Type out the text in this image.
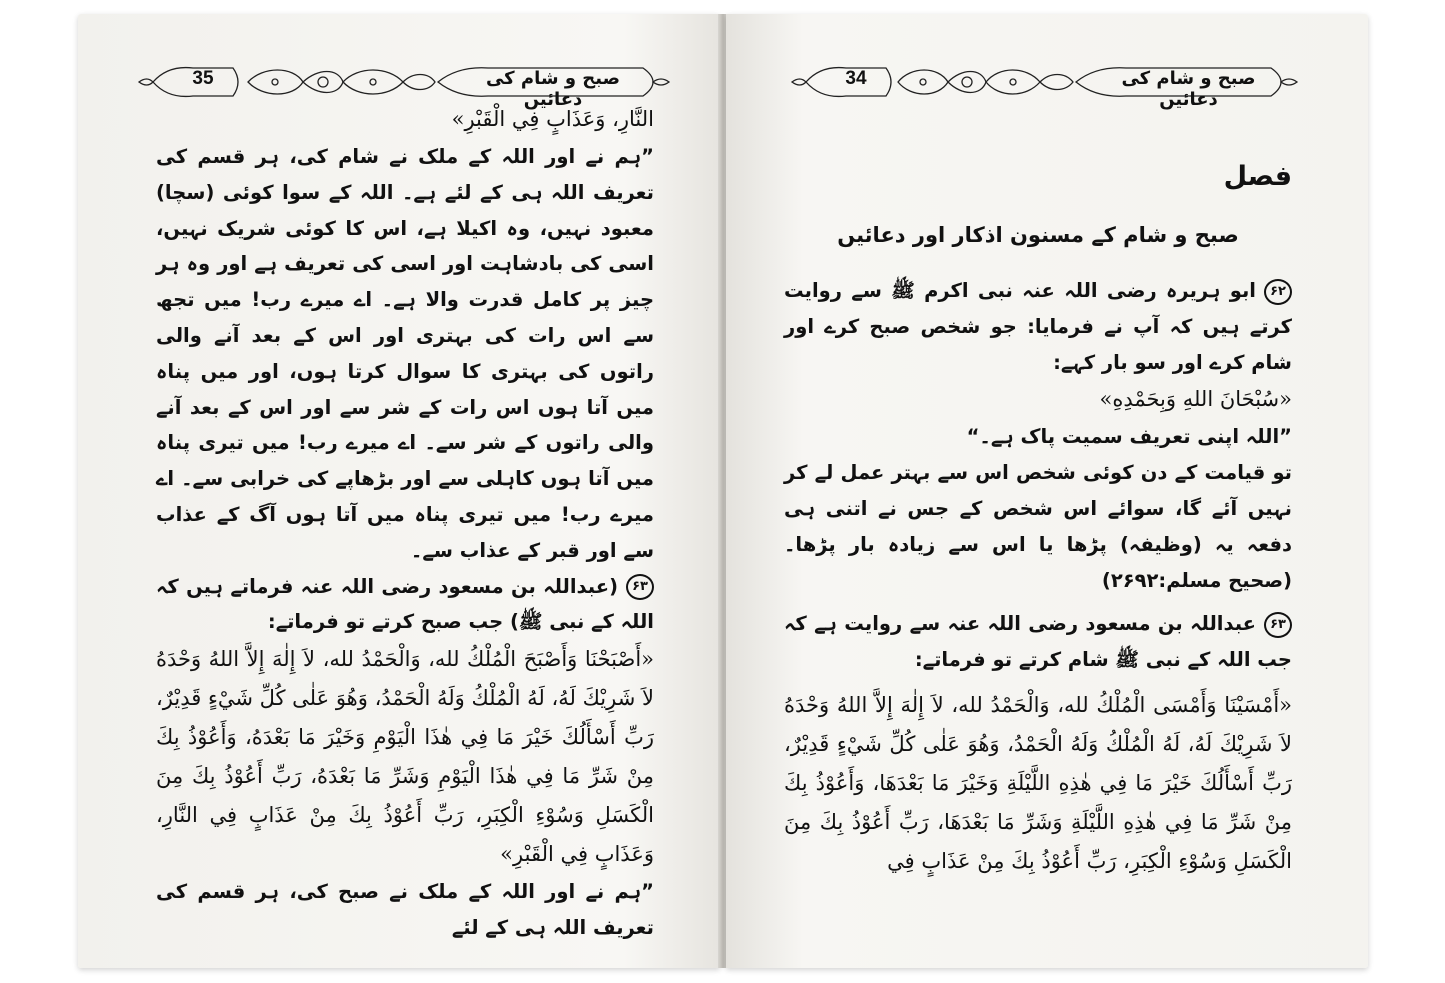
35	صبح و شام کی دعائیں

النَّارِ، وَعَذَابٍ فِي الْقَبْرِ»

”ہم نے اور اللہ کے ملک نے شام کی، ہر قسم کی تعریف اللہ ہی کے لئے ہے۔ اللہ کے سوا کوئی (سچا) معبود نہیں، وہ اکیلا ہے، اس کا کوئی شریک نہیں، اسی کی بادشاہت اور اسی کی تعریف ہے اور وہ ہر چیز پر کامل قدرت والا ہے۔ اے میرے رب! میں تجھ سے اس رات کی بہتری اور اس کے بعد آنے والی راتوں کی بہتری کا سوال کرتا ہوں، اور میں پناہ میں آتا ہوں اس رات کے شر سے اور اس کے بعد آنے والی راتوں کے شر سے۔ اے میرے رب! میں تیری پناہ میں آتا ہوں کاہلی سے اور بڑھاپے کی خرابی سے۔ اے میرے رب! میں تیری پناہ میں آتا ہوں آگ کے عذاب سے اور قبر کے عذاب سے۔

۶۳(عبداللہ بن مسعود رضی اللہ عنہ فرماتے ہیں کہ اللہ کے نبی ﷺ) جب صبح کرتے تو فرماتے:

«أَصْبَحْنَا وَأَصْبَحَ الْمُلْكُ لله، وَالْحَمْدُ لله، لاَ إِلٰهَ إِلاَّ اللهُ وَحْدَهُ لاَ شَرِيْكَ لَهُ، لَهُ الْمُلْكُ وَلَهُ الْحَمْدُ، وَهُوَ عَلٰى كُلِّ شَيْءٍ قَدِيْرٌ، رَبِّ أَسْأَلُكَ خَيْرَ مَا فِي هٰذَا الْيَوْمِ وَخَيْرَ مَا بَعْدَهُ، وَأَعُوْذُ بِكَ مِنْ شَرِّ مَا فِي هٰذَا الْيَوْمِ وَشَرِّ مَا بَعْدَهُ، رَبِّ أَعُوْذُ بِكَ مِنَ الْكَسَلِ وَسُوْءِ الْكِبَرِ، رَبِّ أَعُوْذُ بِكَ مِنْ عَذَابٍ فِي النَّارِ، وَعَذَابٍ فِي الْقَبْرِ»

”ہم نے اور اللہ کے ملک نے صبح کی، ہر قسم کی تعریف اللہ ہی کے لئے

34	صبح و شام کی دعائیں

فصل

صبح و شام کے مسنون اذکار اور دعائیں

۶۲ابو ہریرہ رضی اللہ عنہ نبی اکرم ﷺ سے روایت کرتے ہیں کہ آپ نے فرمایا: جو شخص صبح کرے اور شام کرے اور سو بار کہے:

«سُبْحَانَ اللهِ وَبِحَمْدِهِ»

”اللہ اپنی تعریف سمیت پاک ہے۔“

تو قیامت کے دن کوئی شخص اس سے بہتر عمل لے کر نہیں آئے گا، سوائے اس شخص کے جس نے اتنی ہی دفعہ یہ (وظیفہ) پڑھا یا اس سے زیادہ بار پڑھا۔ (صحیح مسلم:۲۶۹۲)

۶۳عبداللہ بن مسعود رضی اللہ عنہ سے روایت ہے کہ جب اللہ کے نبی ﷺ شام کرتے تو فرماتے:

«أَمْسَيْنَا وَأَمْسَى الْمُلْكُ لله، وَالْحَمْدُ لله، لاَ إِلٰهَ إِلاَّ اللهُ وَحْدَهُ لاَ شَرِيْكَ لَهُ، لَهُ الْمُلْكُ وَلَهُ الْحَمْدُ، وَهُوَ عَلٰى كُلِّ شَيْءٍ قَدِيْرٌ، رَبِّ أَسْأَلُكَ خَيْرَ مَا فِي هٰذِهِ اللَّيْلَةِ وَخَيْرَ مَا بَعْدَهَا، وَأَعُوْذُ بِكَ مِنْ شَرِّ مَا فِي هٰذِهِ اللَّيْلَةِ وَشَرِّ مَا بَعْدَهَا، رَبِّ أَعُوْذُ بِكَ مِنَ الْكَسَلِ وَسُوْءِ الْكِبَرِ، رَبِّ أَعُوْذُ بِكَ مِنْ عَذَابٍ فِي
